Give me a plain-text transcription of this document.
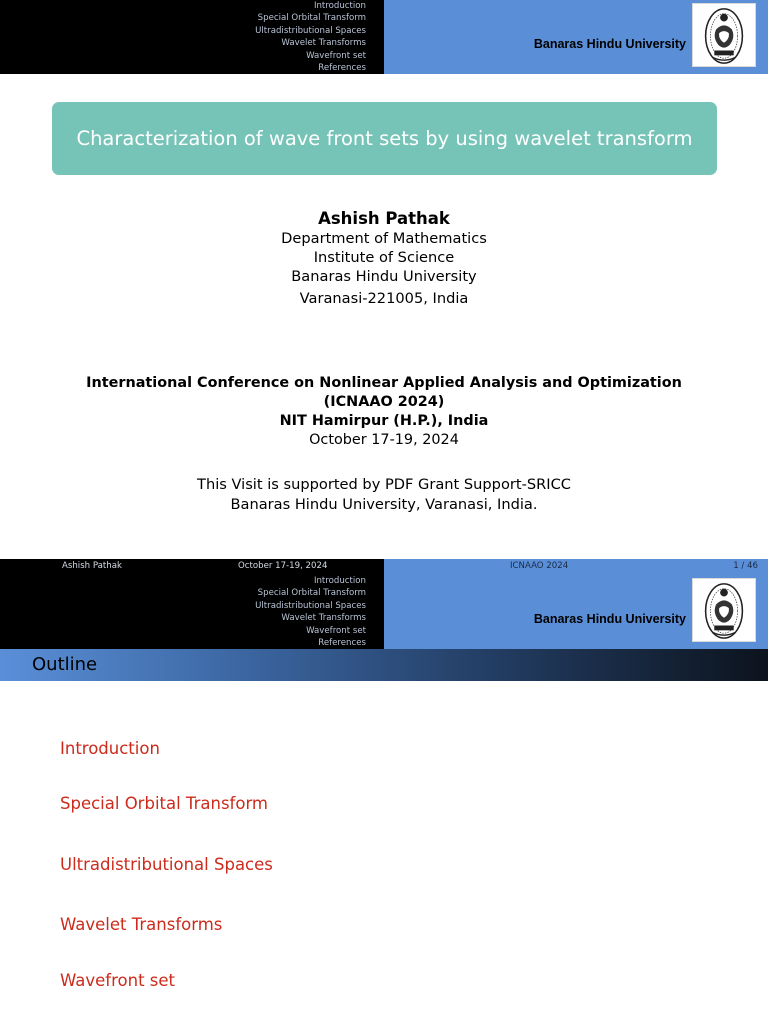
Introduction
Special Orbital Transform
Ultradistributional Spaces
Wavelet Transforms
Wavefront set
References
Banaras Hindu University
Characterization of wave front sets by using wavelet transform
Ashish Pathak
Department of Mathematics
Institute of Science
Banaras Hindu University
Varanasi-221005, India
International Conference on Nonlinear Applied Analysis and Optimization
(ICNAAO 2024)
NIT Hamirpur (H.P.), India
October 17-19, 2024
This Visit is supported by PDF Grant Support-SRICC
Banaras Hindu University, Varanasi, India.
Ashish Pathak	October 17-19, 2024	ICNAAO 2024	1 / 46
Introduction
Special Orbital Transform
Ultradistributional Spaces
Wavelet Transforms
Wavefront set
References
Banaras Hindu University
Outline
Introduction
Special Orbital Transform
Ultradistributional Spaces
Wavelet Transforms
Wavefront set
